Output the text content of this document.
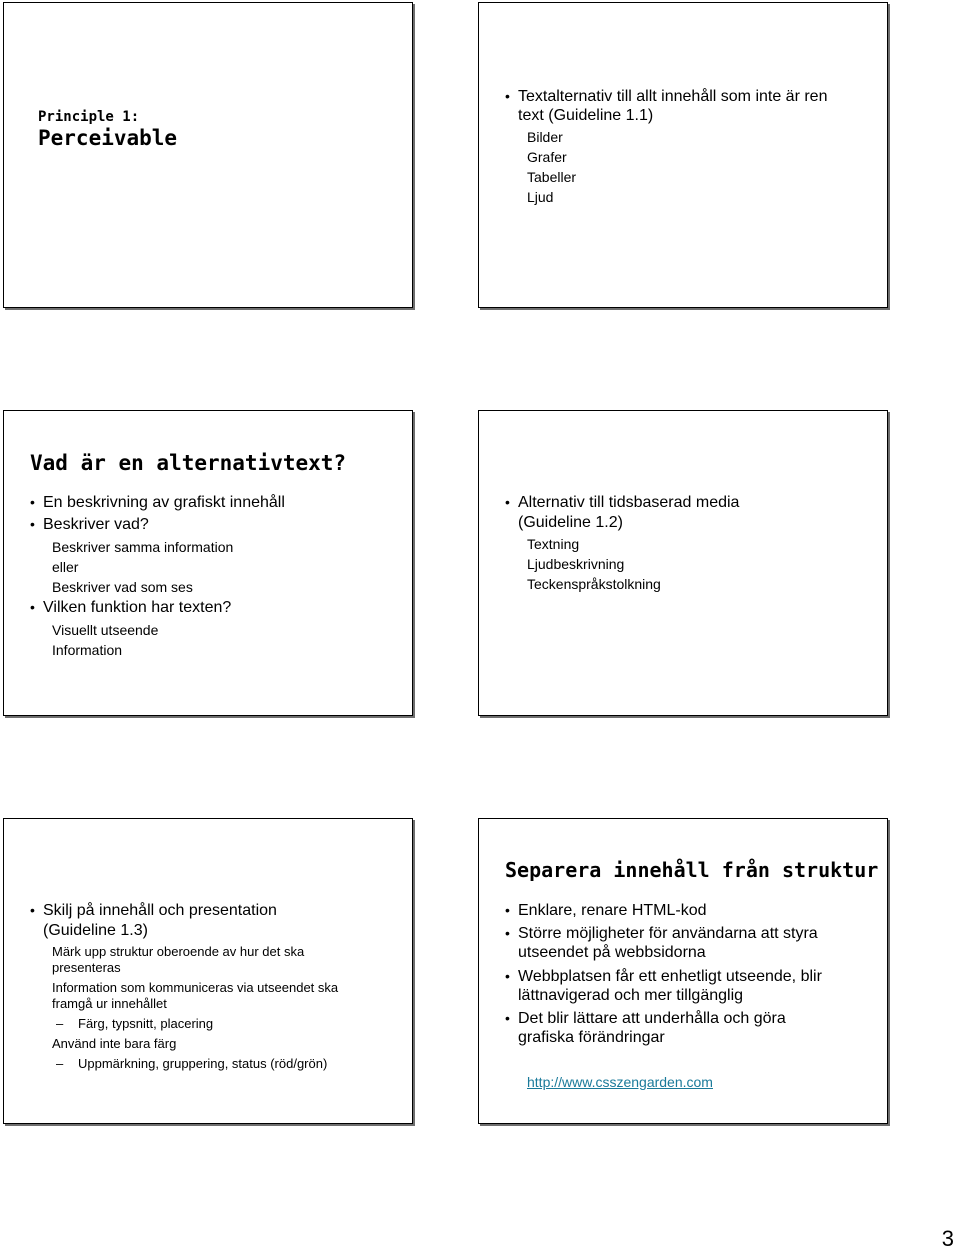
Principle 1:
Perceivable
• Textalternativ till allt innehåll som inte är ren
text (Guideline 1.1)
Bilder
Grafer
Tabeller
Ljud
Vad är en alternativtext?
• En beskrivning av grafiskt innehåll
• Beskriver vad?
Beskriver samma information
eller
Beskriver vad som ses
• Vilken funktion har texten?
Visuellt utseende
Information
• Alternativ till tidsbaserad media
(Guideline 1.2)
Textning
Ljudbeskrivning
Teckenspråkstolkning
• Skilj på innehåll och presentation
(Guideline 1.3)
Märk upp struktur oberoende av hur det ska
presenteras
Information som kommuniceras via utseendet ska
framgå ur innehållet
– Färg, typsnitt, placering
Använd inte bara färg
– Uppmärkning, gruppering, status (röd/grön)
Separera innehåll från struktur
• Enklare, renare HTML-kod
• Större möjligheter för användarna att styra
utseendet på webbsidorna
• Webbplatsen får ett enhetligt utseende, blir
lättnavigerad och mer tillgänglig
• Det blir lättare att underhålla och göra
grafiska förändringar
http://www.csszengarden.com
3
